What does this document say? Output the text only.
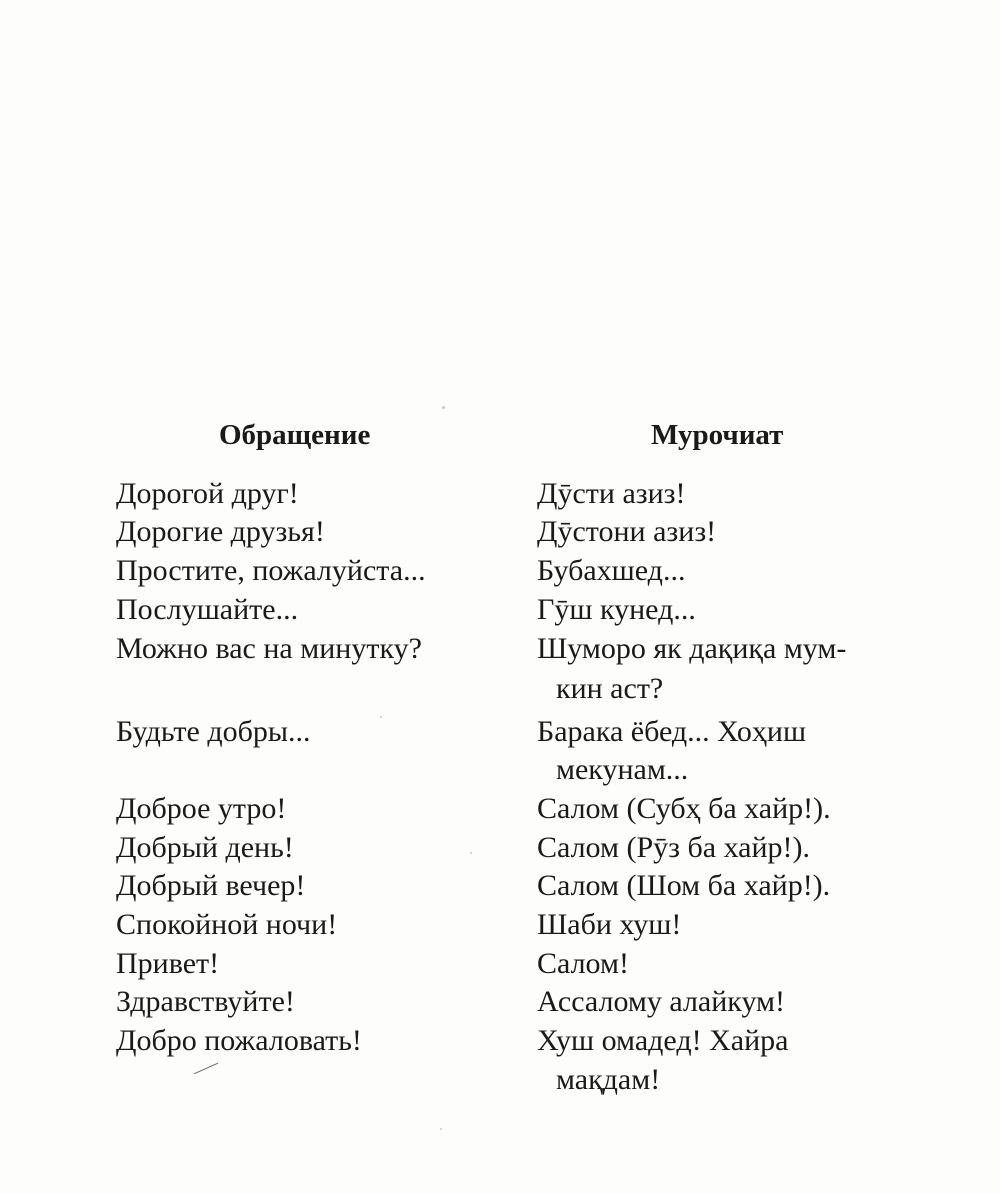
Обращение	Мурочиат
Дорогой друг!
Дорогие друзья!
Простите, пожалуйста...
Послушайте...
Можно вас на минутку?
Будьте добры...
Доброе утро!
Добрый день!
Добрый вечер!
Спокойной ночи!
Привет!
Здравствуйте!
Добро пожаловать!
Дӯсти азиз!
Дӯстони азиз!
Бубахшед...
Гӯш кунед...
Шуморо як дақиқа мум-
кин аст?
Барака ёбед... Хоҳиш
мекунам...
Салом (Субҳ ба хайр!).
Салом (Рӯз ба хайр!).
Салом (Шом ба хайр!).
Шаби хуш!
Салом!
Ассалому алайкум!
Хуш омадед! Хайра
мақдам!
